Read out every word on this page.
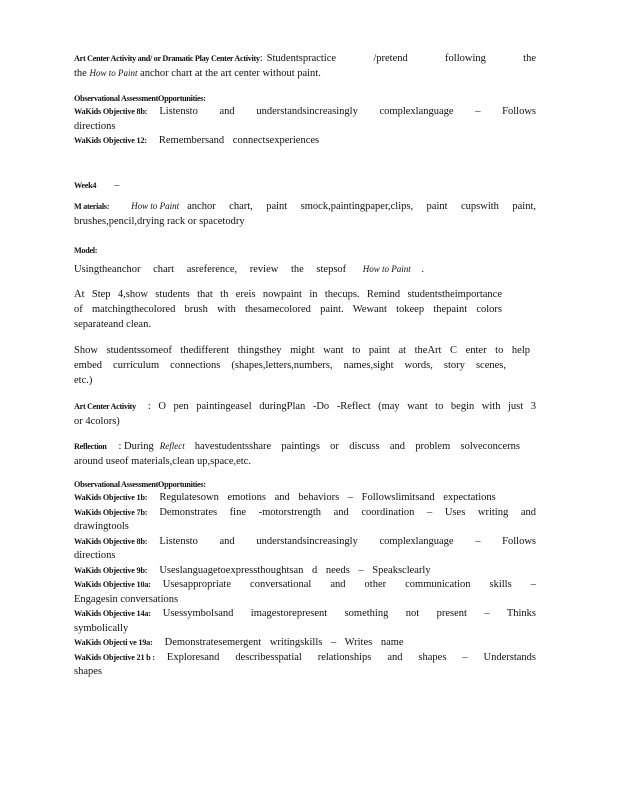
Art Center Activity and/ or Dramatic Play Center Activity : Studentspractice /pretend following the
the How to Paint anchor chart at the art center without paint.
Observational AssessmentOpportunities:
WaKids Objective 8b: Listensto and understandsincreasingly complexlanguage – Follows
directions
WaKids Objective 12: Remembersand connectsexperiences
Week4 –
M aterials: How to Paint anchor chart, paint smock,paintingpaper,clips, paint cupswith paint,
brushes,pencil,drying rack or spacetodry
Model:
Usingtheanchor chart asreference, review the stepsof How to Paint .
At Step 4,show students that th ereis nowpaint in thecups. Remind studentstheimportance
of matchingthecolored brush with thesamecolored paint. Wewant tokeep thepaint colors
separateand clean.
Show studentssomeof thedifferent thingsthey might want to paint at theArt C enter to help
embed curriculum connections (shapes,letters,numbers, names,sight words, story scenes,
etc.)
Art Center Activity : O pen paintingeasel duringPlan -Do -Reflect (may want to begin with just 3
or 4colors)
Reflection : During Reflect havestudentsshare paintings or discuss and problem solveconcerns
around useof materials,clean up,space,etc.
Observational AssessmentOpportunities:
WaKids Objective 1b: Regulatesown emotions and behaviors – Followslimitsand expectations
WaKids Objective 7b: Demonstrates fine -motorstrength and coordination – Uses writing and
drawingtools
WaKids Objective 8b: Listensto and understandsincreasingly complexlanguage – Follows
directions
WaKids Objective 9b: Useslanguagetoexpressthoughtsan d needs – Speaksclearly
WaKids Objective 10a: Usesappropriate conversational and other communication skills –
Engagesin conversations
WaKids Objective 14a: Usessymbolsand imagestorepresent something not present – Thinks
symbolically
WaKids Objecti ve 19a: Demonstratesemergent writingskills – Writes name
WaKids Objective 21 b : Exploresand describesspatial relationships and shapes – Understands
shapes
